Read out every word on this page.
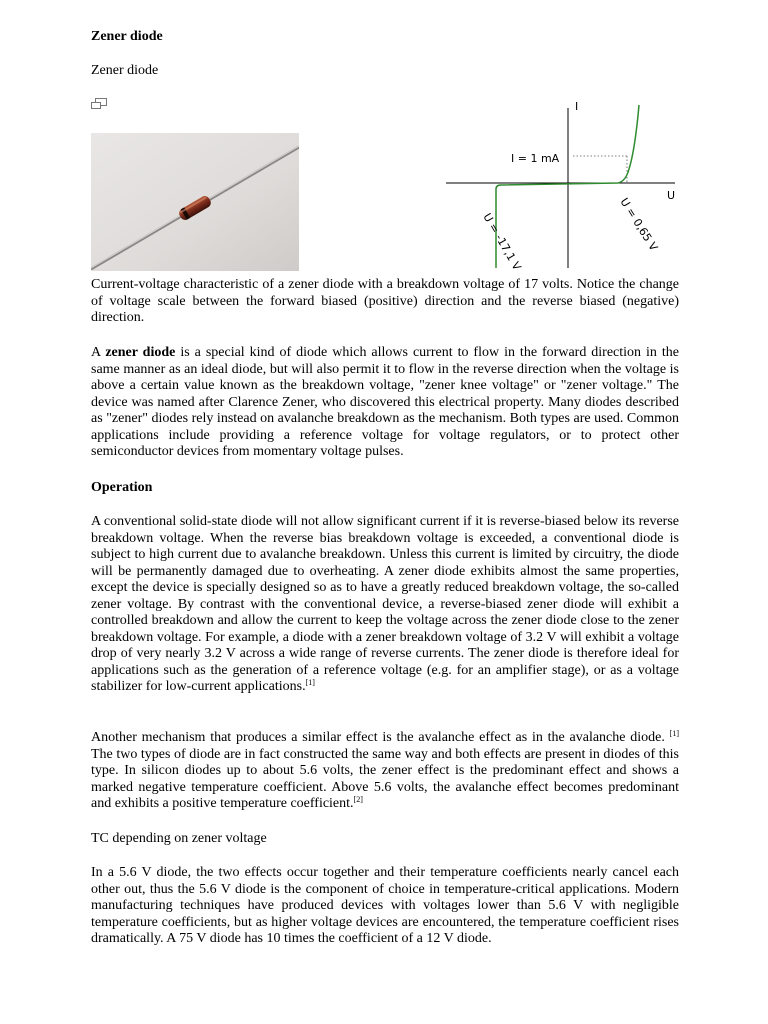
Zener diode
Zener diode
I
U
I = 1 mA
U = -17,1 V	U = 0,65 V

Current-voltage characteristic of a zener diode with a breakdown voltage of 17 volts. Notice the change of voltage scale between the forward biased (positive) direction and the reverse biased (negative) direction.

A zener diode is a special kind of diode which allows current to flow in the forward direction in the same manner as an ideal diode, but will also permit it to flow in the reverse direction when the voltage is above a certain value known as the breakdown voltage, "zener knee voltage" or "zener voltage." The device was named after Clarence Zener, who discovered this electrical property. Many diodes described as "zener" diodes rely instead on avalanche breakdown as the mechanism. Both types are used. Common applications include providing a reference voltage for voltage regulators, or to protect other semiconductor devices from momentary voltage pulses.

Operation

A conventional solid-state diode will not allow significant current if it is reverse-biased below its reverse breakdown voltage. When the reverse bias breakdown voltage is exceeded, a conventional diode is subject to high current due to avalanche breakdown. Unless this current is limited by circuitry, the diode will be permanently damaged due to overheating. A zener diode exhibits almost the same properties, except the device is specially designed so as to have a greatly reduced breakdown voltage, the so-called zener voltage. By contrast with the conventional device, a reverse-biased zener diode will exhibit a controlled breakdown and allow the current to keep the voltage across the zener diode close to the zener breakdown voltage. For example, a diode with a zener breakdown voltage of 3.2 V will exhibit a voltage drop of very nearly 3.2 V across a wide range of reverse currents. The zener diode is therefore ideal for applications such as the generation of a reference voltage (e.g. for an amplifier stage), or as a voltage stabilizer for low-current applications.[1]

Another mechanism that produces a similar effect is the avalanche effect as in the avalanche diode. [1] The two types of diode are in fact constructed the same way and both effects are present in diodes of this type. In silicon diodes up to about 5.6 volts, the zener effect is the predominant effect and shows a marked negative temperature coefficient. Above 5.6 volts, the avalanche effect becomes predominant and exhibits a positive temperature coefficient.[2]

TC depending on zener voltage

In a 5.6 V diode, the two effects occur together and their temperature coefficients nearly cancel each other out, thus the 5.6 V diode is the component of choice in temperature-critical applications. Modern manufacturing techniques have produced devices with voltages lower than 5.6 V with negligible temperature coefficients, but as higher voltage devices are encountered, the temperature coefficient rises dramatically. A 75 V diode has 10 times the coefficient of a 12 V diode.
